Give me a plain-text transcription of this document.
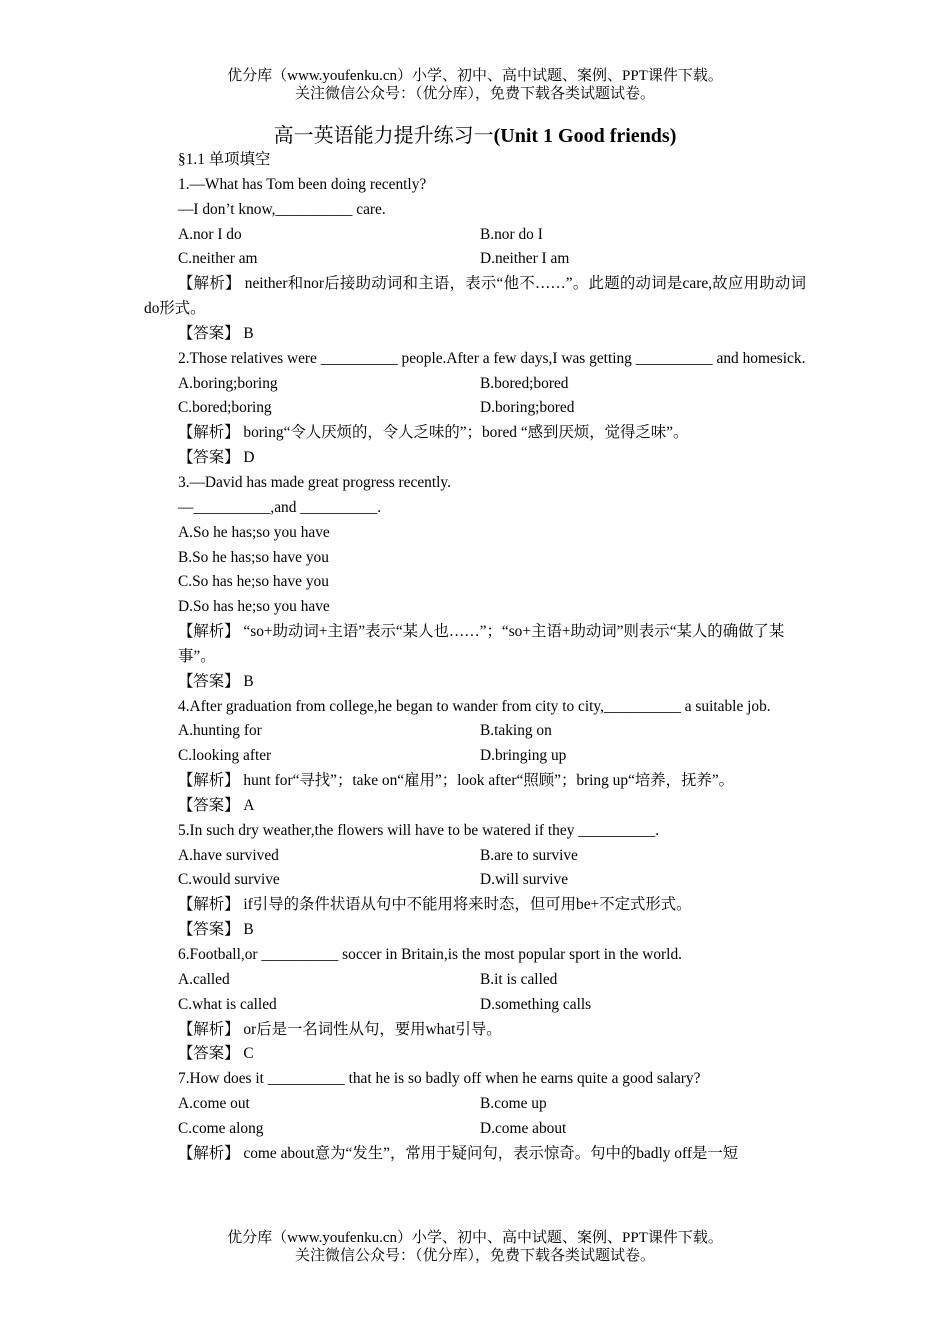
优分库（www.youfenku.cn）小学、初中、高中试题、案例、PPT课件下载。
关注微信公众号：（优分库），免费下载各类试题试卷。
高一英语能力提升练习一(Unit 1 Good friends)

§1.1 单项填空

1.—What has Tom been doing recently?

—I don’t know,__________ care.

A.nor I do	B.nor do I
C.neither am	D.neither I am

【解析】 neither和nor后接助动词和主语，表示“他不……”。此题的动词是care,故应用助动词do形式。

【答案】 B

2.Those relatives were __________ people.After a few days,I was getting __________ and homesick.

A.boring;boring	B.bored;bored
C.bored;boring	D.boring;bored

【解析】 boring“令人厌烦的，令人乏味的”；bored “感到厌烦，觉得乏味”。

【答案】 D

3.—David has made great progress recently.

—__________,and __________.

A.So he has;so you have
B.So he has;so have you
C.So has he;so have you
D.So has he;so you have

【解析】 “so+助动词+主语”表示“某人也……”；“so+主语+助动词”则表示“某人的确做了某事”。

【答案】 B

4.After graduation from college,he began to wander from city to city,__________ a suitable job.

A.hunting for	B.taking on
C.looking after	D.bringing up

【解析】 hunt for“寻找”；take on“雇用”；look after“照顾”；bring up“培养，抚养”。

【答案】 A

5.In such dry weather,the flowers will have to be watered if they __________.

A.have survived	B.are to survive
C.would survive	D.will survive

【解析】 if引导的条件状语从句中不能用将来时态，但可用be+不定式形式。

【答案】 B

6.Football,or __________ soccer in Britain,is the most popular sport in the world.

A.called	B.it is called
C.what is called	D.something calls

【解析】 or后是一名词性从句，要用what引导。

【答案】 C

7.How does it __________ that he is so badly off when he earns quite a good salary?

A.come out	B.come up
C.come along	D.come about

【解析】 come about意为“发生”，常用于疑问句，表示惊奇。句中的badly off是一短

优分库（www.youfenku.cn）小学、初中、高中试题、案例、PPT课件下载。
关注微信公众号：（优分库），免费下载各类试题试卷。
